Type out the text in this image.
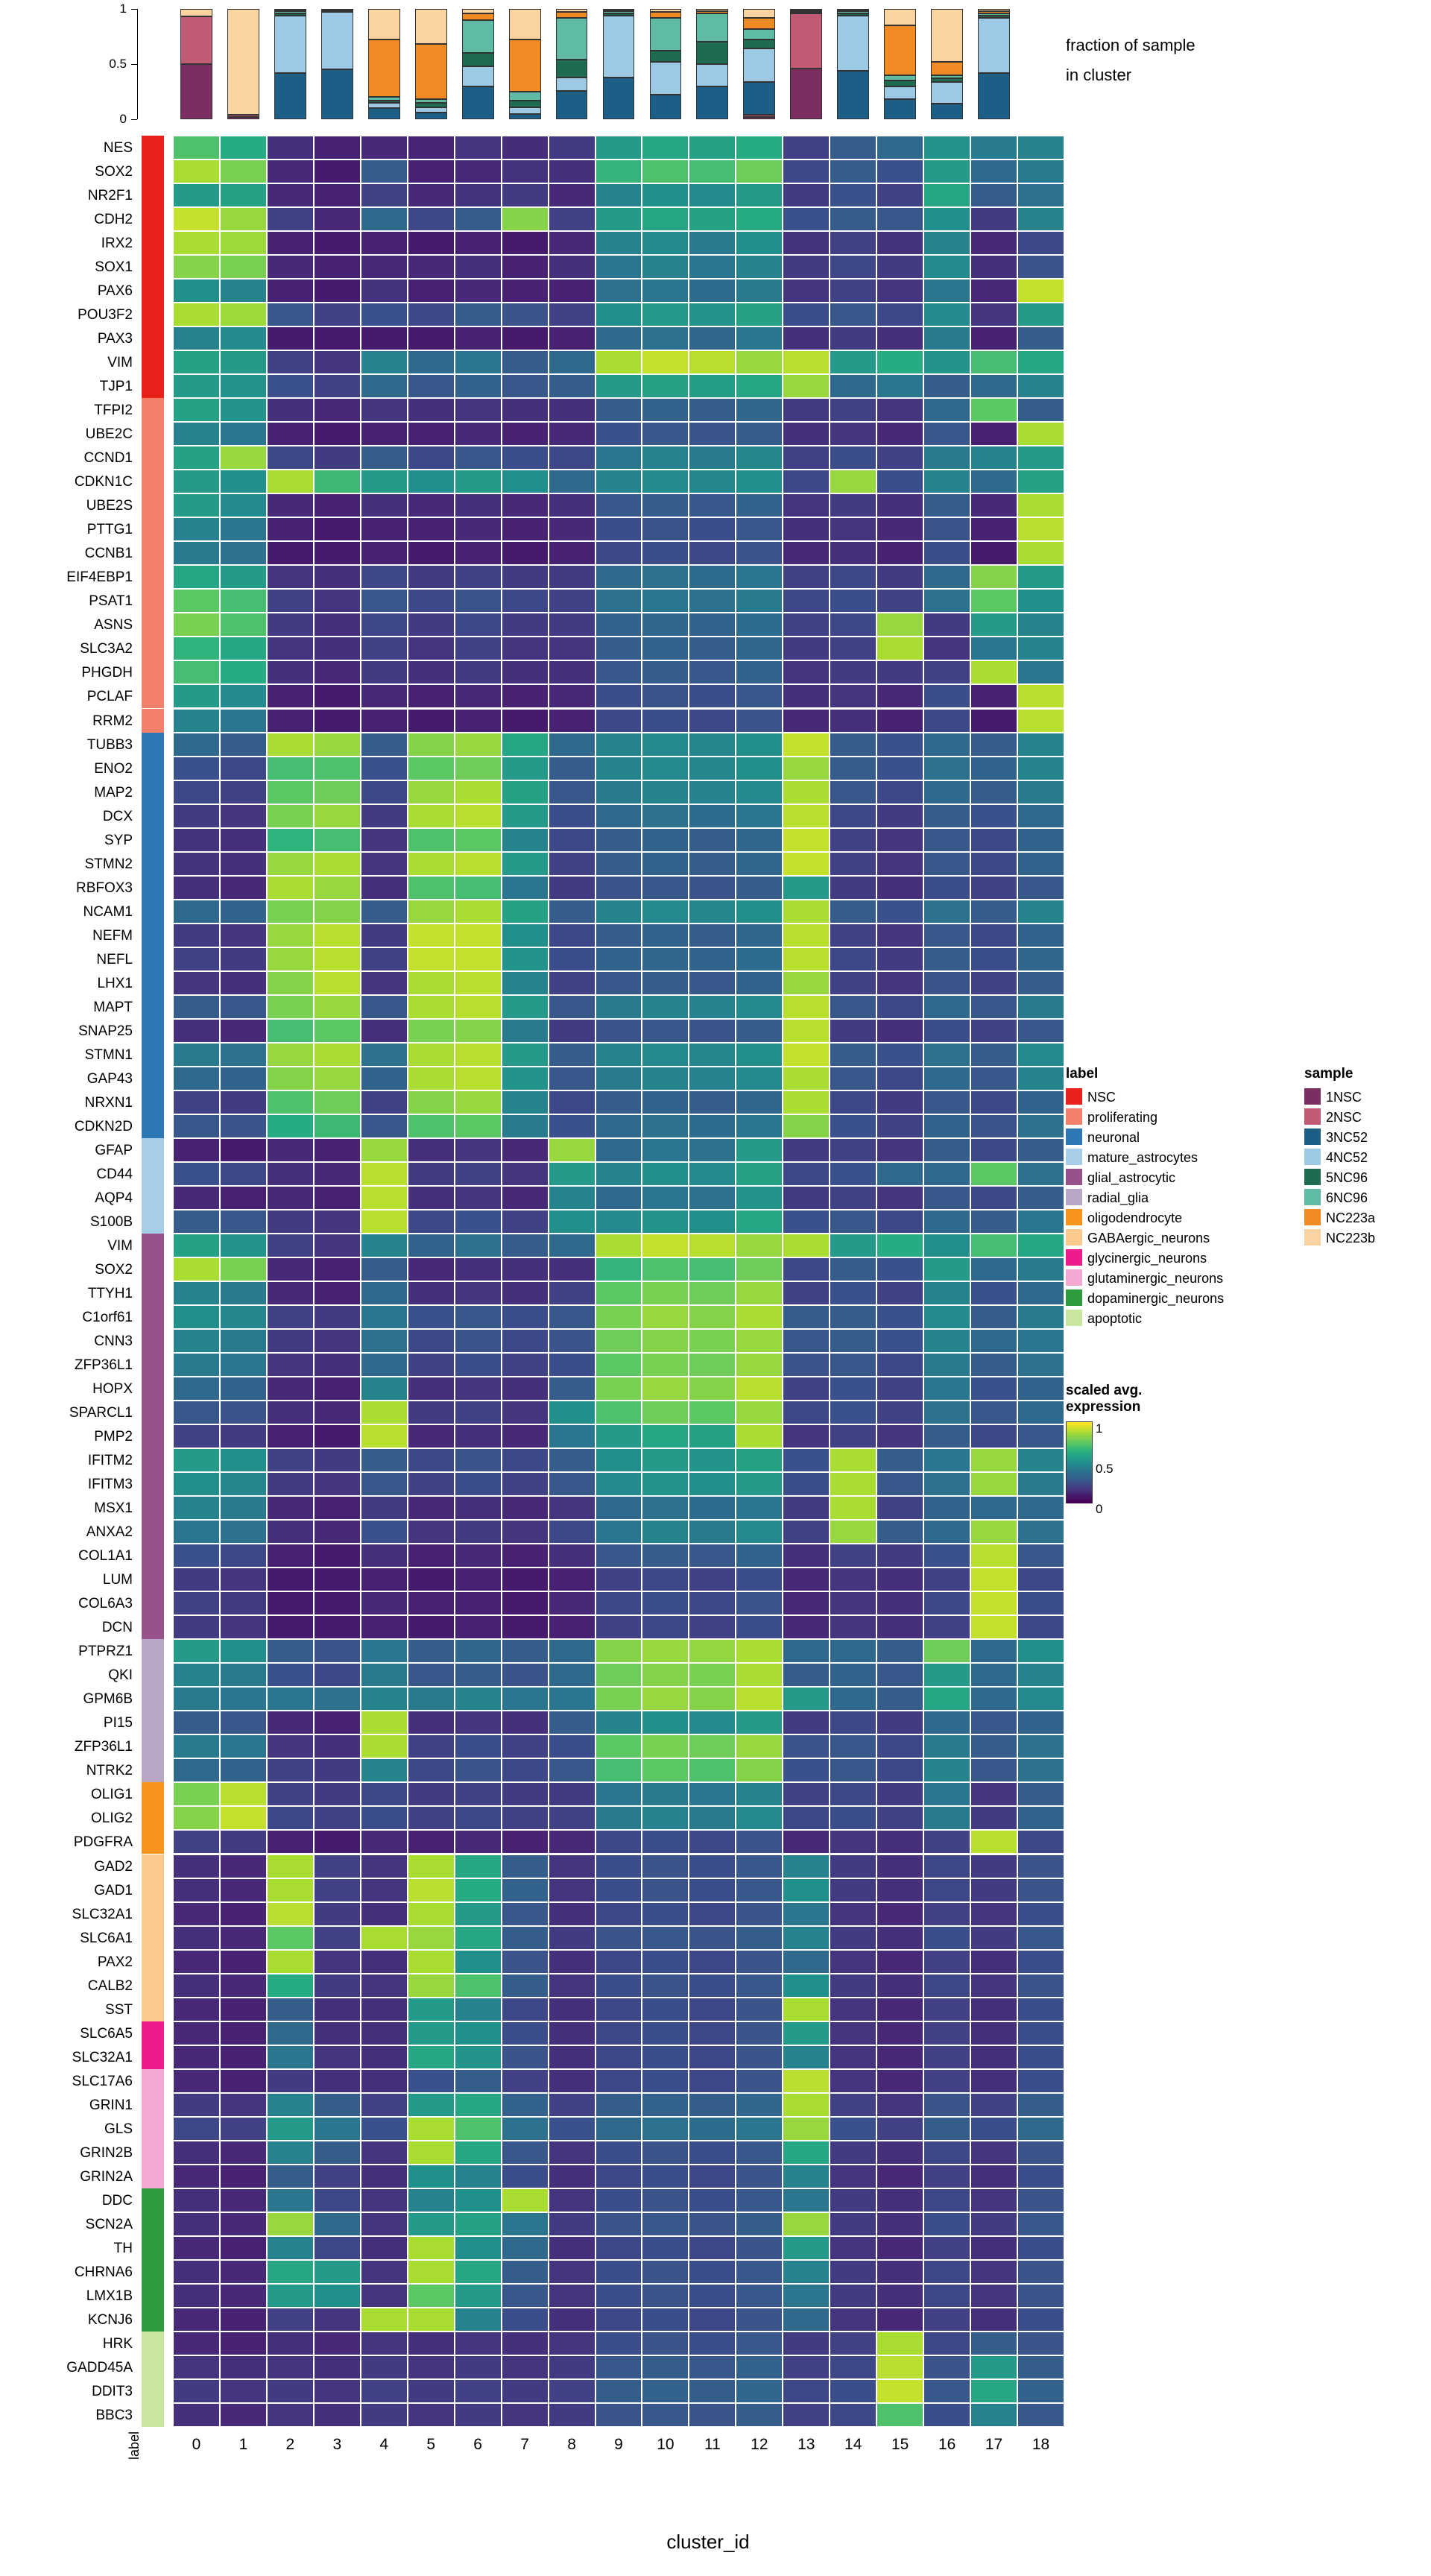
1
0.5
0
fraction of sample
in cluster
NES
SOX2
NR2F1
CDH2
IRX2
SOX1
PAX6
POU3F2
PAX3
VIM
TJP1
TFPI2
UBE2C
CCND1
CDKN1C
UBE2S
PTTG1
CCNB1
EIF4EBP1
PSAT1
ASNS
SLC3A2
PHGDH
PCLAF
RRM2
TUBB3
ENO2
MAP2
DCX
SYP
STMN2
RBFOX3
NCAM1
NEFM
NEFL
LHX1
MAPT
SNAP25
STMN1
GAP43
NRXN1
CDKN2D
GFAP
CD44
AQP4
S100B
VIM
SOX2
TTYH1
C1orf61
CNN3
ZFP36L1
HOPX
SPARCL1
PMP2
IFITM2
IFITM3
MSX1
ANXA2
COL1A1
LUM
COL6A3
DCN
PTPRZ1
QKI
GPM6B
PI15
ZFP36L1
NTRK2
OLIG1
OLIG2
PDGFRA
GAD2
GAD1
SLC32A1
SLC6A1
PAX2
CALB2
SST
SLC6A5
SLC32A1
SLC17A6
GRIN1
GLS
GRIN2B
GRIN2A
DDC
SCN2A
TH
CHRNA6
LMX1B
KCNJ6
HRK
GADD45A
DDIT3
BBC3
0	1	2	3	4	5	6	7	8	9	10	11	12	13	14	15	16	17	18
cluster_id
label
label
NSC
proliferating
neuronal
mature_astrocytes
glial_astrocytic
radial_glia
oligodendrocyte
GABAergic_neurons
glycinergic_neurons
glutaminergic_neurons
dopaminergic_neurons
apoptotic
sample
1NSC
2NSC
3NC52
4NC52
5NC96
6NC96
NC223a
NC223b
scaled avg.
expression
1
0.5
0
